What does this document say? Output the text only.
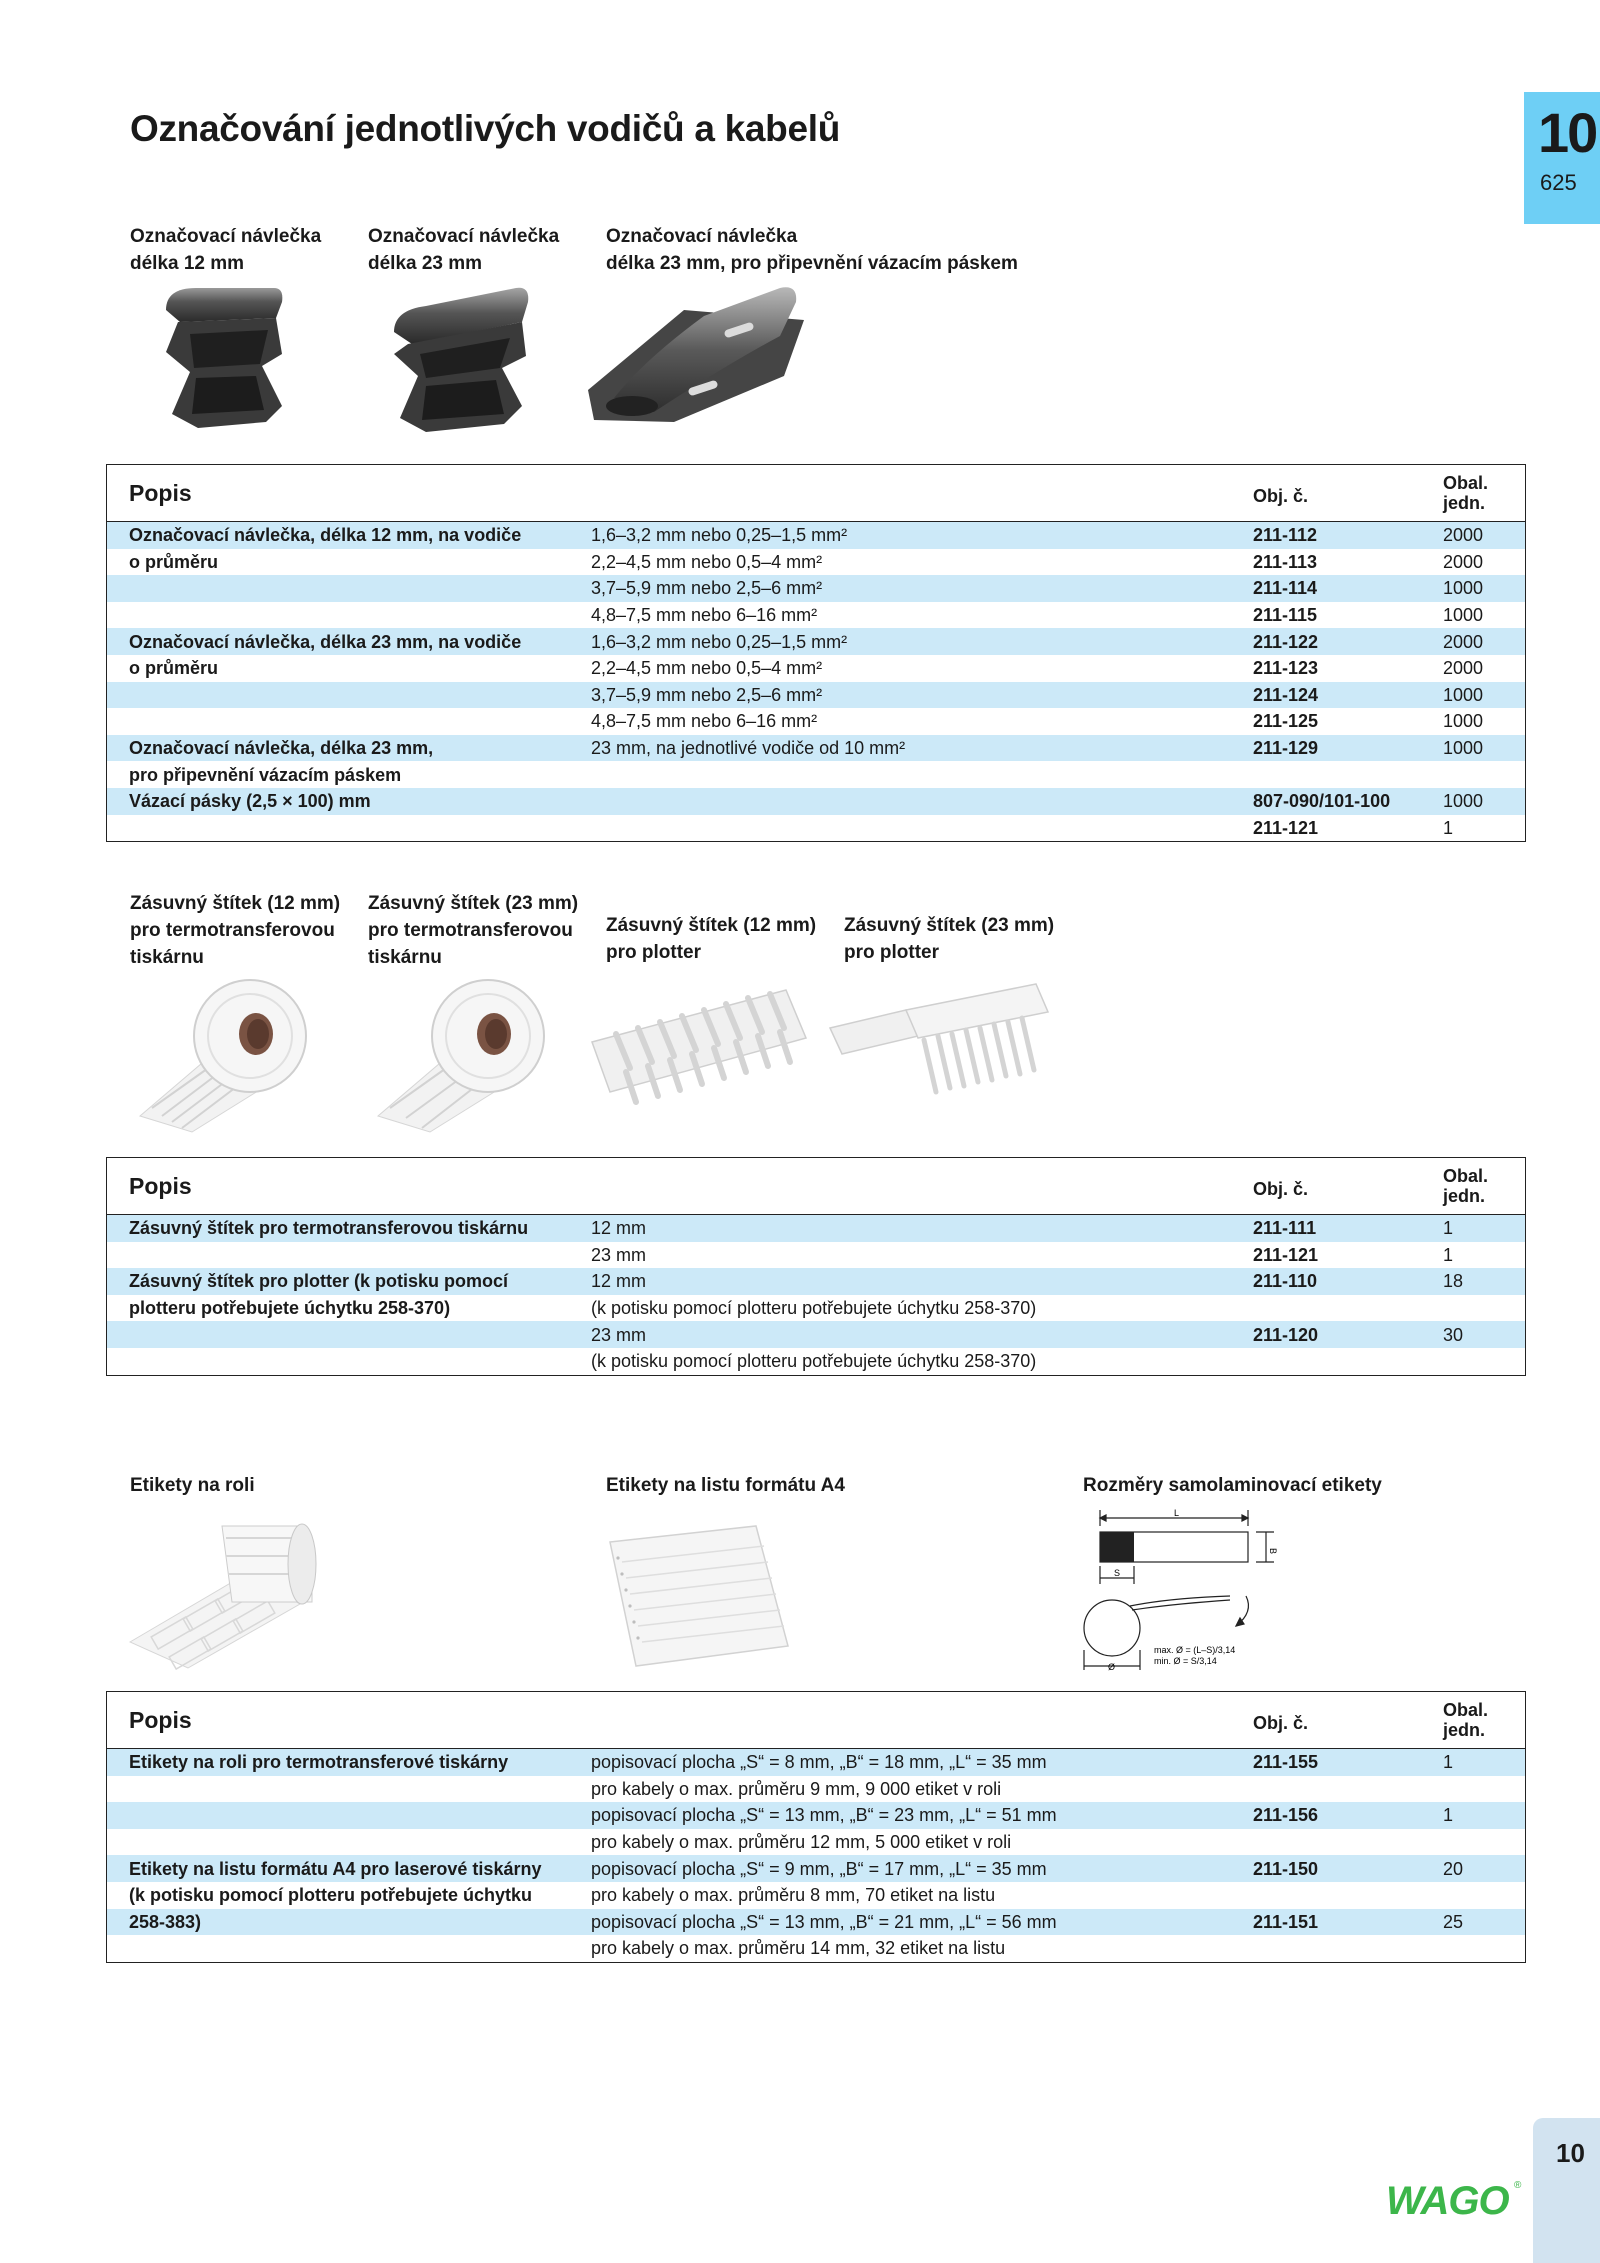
Označování jednotlivých vodičů a kabelů	10
625
Označovací návlečka
délka 12 mm
Označovací návlečka
délka 23 mm
Označovací návlečka
délka 23 mm, pro připevnění vázacím páskem
Popis		Obj. č.	Obal.
jedn.
Označovací návlečka, délka 12 mm, na vodiče	1,6–3,2 mm nebo 0,25–1,5 mm²	211-112	2000
o průměru	2,2–4,5 mm nebo 0,5–4 mm²	211-113	2000
	3,7–5,9 mm nebo 2,5–6 mm²	211-114	1000
	4,8–7,5 mm nebo 6–16 mm²	211-115	1000
Označovací návlečka, délka 23 mm, na vodiče	1,6–3,2 mm nebo 0,25–1,5 mm²	211-122	2000
o průměru	2,2–4,5 mm nebo 0,5–4 mm²	211-123	2000
	3,7–5,9 mm nebo 2,5–6 mm²	211-124	1000
	4,8–7,5 mm nebo 6–16 mm²	211-125	1000
Označovací návlečka, délka 23 mm,	23 mm, na jednotlivé vodiče od 10 mm²	211-129	1000
pro připevnění vázacím páskem			
Vázací pásky (2,5 × 100) mm		807-090/101-100	1000
		211-121	1
Zásuvný štítek (12 mm)
pro termotransferovou
tiskárnu
Zásuvný štítek (23 mm)
pro termotransferovou
tiskárnu
Zásuvný štítek (12 mm)
pro plotter
Zásuvný štítek (23 mm)
pro plotter
Popis		Obj. č.	Obal.
jedn.
Zásuvný štítek pro termotransferovou tiskárnu	12 mm	211-111	1
	23 mm	211-121	1
Zásuvný štítek pro plotter (k potisku pomocí	12 mm	211-110	18
plotteru potřebujete úchytku 258-370)	(k potisku pomocí plotteru potřebujete úchytku 258-370)		
	23 mm	211-120	30
	(k potisku pomocí plotteru potřebujete úchytku 258-370)		
Etikety na roli	Etikety na listu formátu A4	Rozměry samolaminovací etikety
L
B
S
Ø
max. Ø = (L–S)/3,14
min. Ø = S/3,14
Popis		Obj. č.	Obal.
jedn.
Etikety na roli pro termotransferové tiskárny	popisovací plocha „S“ = 8 mm, „B“ = 18 mm, „L“ = 35 mm	211-155	1
	pro kabely o max. průměru 9 mm, 9 000 etiket v roli		
	popisovací plocha „S“ = 13 mm, „B“ = 23 mm, „L“ = 51 mm	211-156	1
	pro kabely o max. průměru 12 mm, 5 000 etiket v roli		
Etikety na listu formátu A4 pro laserové tiskárny	popisovací plocha „S“ = 9 mm, „B“ = 17 mm, „L“ = 35 mm	211-150	20
(k potisku pomocí plotteru potřebujete úchytku	pro kabely o max. průměru 8 mm, 70 etiket na listu		
258-383)	popisovací plocha „S“ = 13 mm, „B“ = 21 mm, „L“ = 56 mm	211-151	25
	pro kabely o max. průměru 14 mm, 32 etiket na listu		
WAGO ®
10
